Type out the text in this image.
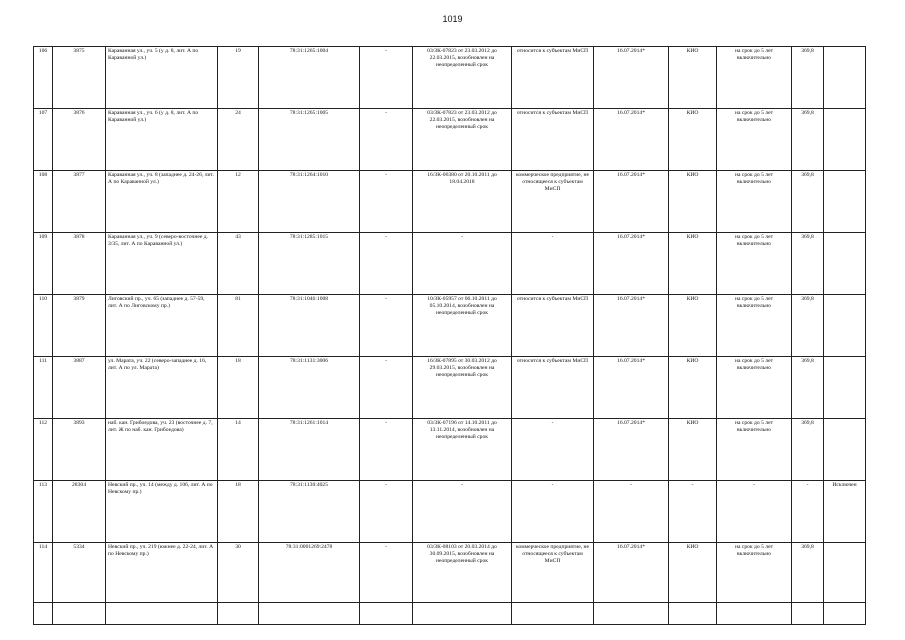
1019
106	3875	Караванная ул., уч. 5 (у д. 8, лит. А по Караванной ул.)	19	78:31:1265:1004	-	03/ЗК-07823 от 23.03.2012 до 22.03.2015, возобновлен на неопределенный срок	относится к субъектам МиСП	16.07.2014*	КИО	на срок до 5 лет включительно	369,8	
107	3876	Караванная ул., уч. 6 (у д. 8, лит. А по Караванной ул.)	24	78:31:1265:1005	-	03/ЗК-07823 от 23.03.2012 до 22.03.2015, возобновлен на неопределенный срок	относится к субъектам МиСП	16.07.2014*	КИО	на срок до 5 лет включительно	369,8	
108	3877	Караванная ул., уч. 8 (западнее д. 24-26, лит. А по Караванной ул.)	12	78:31:1264:1010	-	16/ЗК-06380 от 20.10.2011 до 18.04.2018	коммерческое предприятие, не относящееся к субъектам МиСП	16.07.2014*	КИО	на срок до 5 лет включительно	369,8	
109	3878	Караванная ул., уч. 9 (северо-восточнее д. 3/35, лит. А по Караванной ул.)	43	78:31:1285:1015	-	-	-	16.07.2014*	КИО	на срок до 5 лет включительно	369,8	
110	3879	Лиговский пр., уч. 65 (западнее д. 57-59, лит. А по Лиговскому пр.)	81	78:31:1046:1008	-	10/ЗК-05957 от 06.10.2011 до 05.10.2014, возобновлен на неопределенный срок	относится к субъектам МиСП	16.07.2014*	КИО	на срок до 5 лет включительно	369,8	
111	3887	ул. Марата, уч. 22 (северо-западнее д. 16, лит. А по ул. Марата)	18	78:31:1131:3006	-	16/ЗК-07895 от 30.03.2012 до 29.03.2015, возобновлен на неопределенный срок	относится к субъектам МиСП	16.07.2014*	КИО	на срок до 5 лет включительно	369,8	
112	3893	наб. кан. Грибоедова, уч. 23 (восточнее д. 7, лит. Ж по наб. кан. Грибоедова)	14	78:31:1261:1014	-	03/ЗК-07196 от 14.10.2011 до 13.11.2014, возобновлен на неопределенный срок	-	16.07.2014*	КИО	на срок до 5 лет включительно	369,8	
113	28304	Невский пр., уч. 14 (между д. 106, лит. А по Невскому пр.)	18	78:31:1130:4025	-	-	-	-	-	-	-	Исключен
114	5334	Невский пр., уч. 219 (южнее д. 22-24, лит. А по Невскому пр.)	30	78:31:0001269:2478	-	03/ЗК-08103 от 20.03.2014 до 30.09.2015, возобновлен на неопределенный срок	коммерческое предприятие, не относящееся к субъектам МиСП	16.07.2014*	КИО	на срок до 5 лет включительно	369,8	
